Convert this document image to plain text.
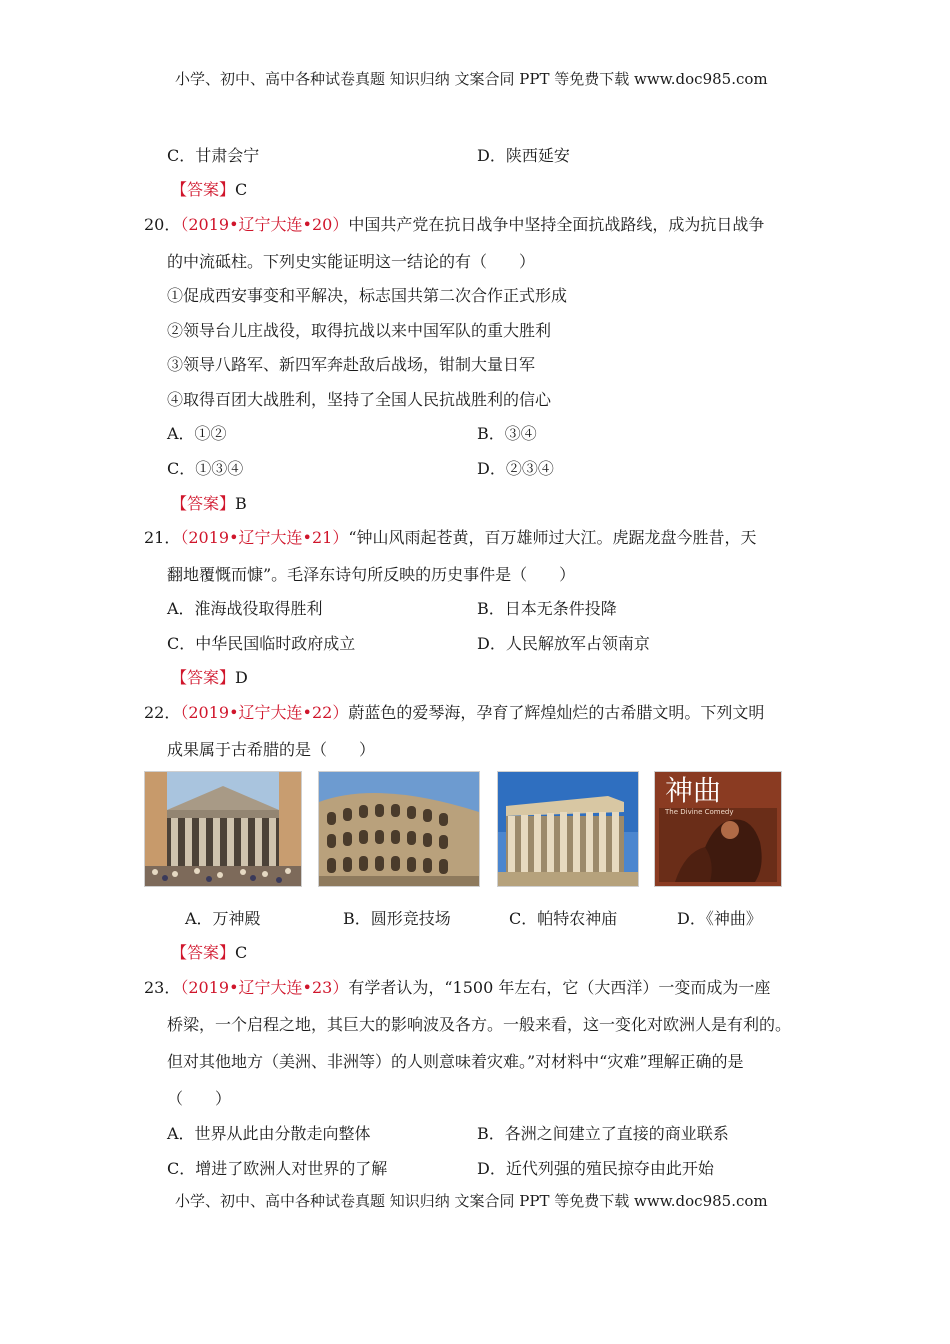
小学、初中、高中各种试卷真题 知识归纳 文案合同 PPT 等免费下载 www.doc985.com
C．甘肃会宁	D．陕西延安
【答案】C
20．（2019•辽宁大连•20）中国共产党在抗日战争中坚持全面抗战路线，成为抗日战争
的中流砥柱。下列史实能证明这一结论的有（　　）
①促成西安事变和平解决，标志国共第二次合作正式形成
②领导台儿庄战役，取得抗战以来中国军队的重大胜利
③领导八路军、新四军奔赴敌后战场，钳制大量日军
④取得百团大战胜利，坚持了全国人民抗战胜利的信心
A．①②	B．③④
C．①③④	D．②③④
【答案】B
21．（2019•辽宁大连•21）“钟山风雨起苍黄，百万雄师过大江。虎踞龙盘今胜昔，天
翻地覆慨而慷”。毛泽东诗句所反映的历史事件是（　　）
A．淮海战役取得胜利	B．日本无条件投降
C．中华民国临时政府成立	D．人民解放军占领南京
【答案】D
22．（2019•辽宁大连•22）蔚蓝色的爱琴海，孕育了辉煌灿烂的古希腊文明。下列文明
成果属于古希腊的是（　　）
神曲
The Divine Comedy
A．万神殿	B．圆形竞技场	C．帕特农神庙	D．《神曲》
【答案】C
23．（2019•辽宁大连•23）有学者认为，“1500 年左右，它（大西洋）一变而成为一座
桥梁，一个启程之地，其巨大的影响波及各方。一般来看，这一变化对欧洲人是有利的。
但对其他地方（美洲、非洲等）的人则意味着灾难。”对材料中“灾难”理解正确的是
（　　）
A．世界从此由分散走向整体	B．各洲之间建立了直接的商业联系
C．增进了欧洲人对世界的了解	D．近代列强的殖民掠夺由此开始
小学、初中、高中各种试卷真题 知识归纳 文案合同 PPT 等免费下载 www.doc985.com
